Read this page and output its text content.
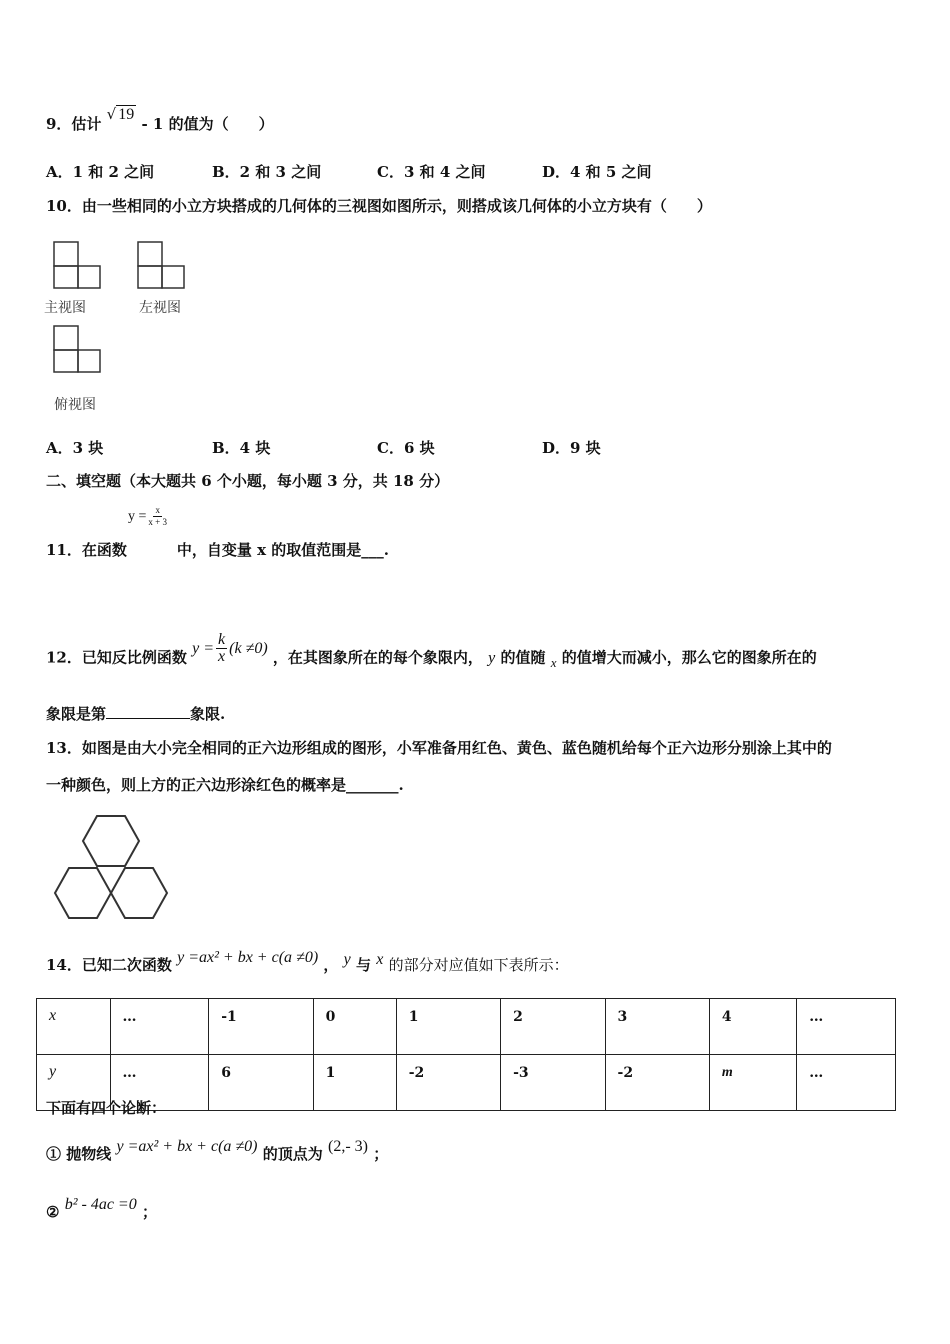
9．估计 √ 19 - 1 的值为（　　）
A．1 和 2 之间	B．2 和 3 之间	C．3 和 4 之间	D．4 和 5 之间
10．由一些相同的小立方块搭成的几何体的三视图如图所示，则搭成该几何体的小立方块有（　　）
主视图	左视图
俯视图
A．3 块	B．4 块	C．6 块	D．9 块
二、填空题（本大题共 6 个小题，每小题 3 分，共 18 分）
$y = \frac{x}{x + 3}$
11．在函数	中，自变量 x 的取值范围是___.
12．已知反比例函数
$y = \frac{k}{x} (k \ne 0)$
，在其图象所在的每个象限内， y 的值随 x 的值增大而减小，那么它的图象所在的
象限是第	象限.
13．如图是由大小完全相同的正六边形组成的图形，小军准备用红色、黄色、蓝色随机给每个正六边形分别涂上其中的
一种颜色，则上方的正六边形涂红色的概率是_______.
14．已知二次函数 y =ax² + bx + c(a ≠0) ， y 与 x 的部分对应值如下表所示：
x	…	-1	0	1	2	3	4	…
y	…	6	1	-2	-3	-2	m	…
下面有四个论断：
① 抛物线 y =ax² + bx + c(a ≠0) 的顶点为 (2,- 3) ；
② b² - 4ac =0 ；
